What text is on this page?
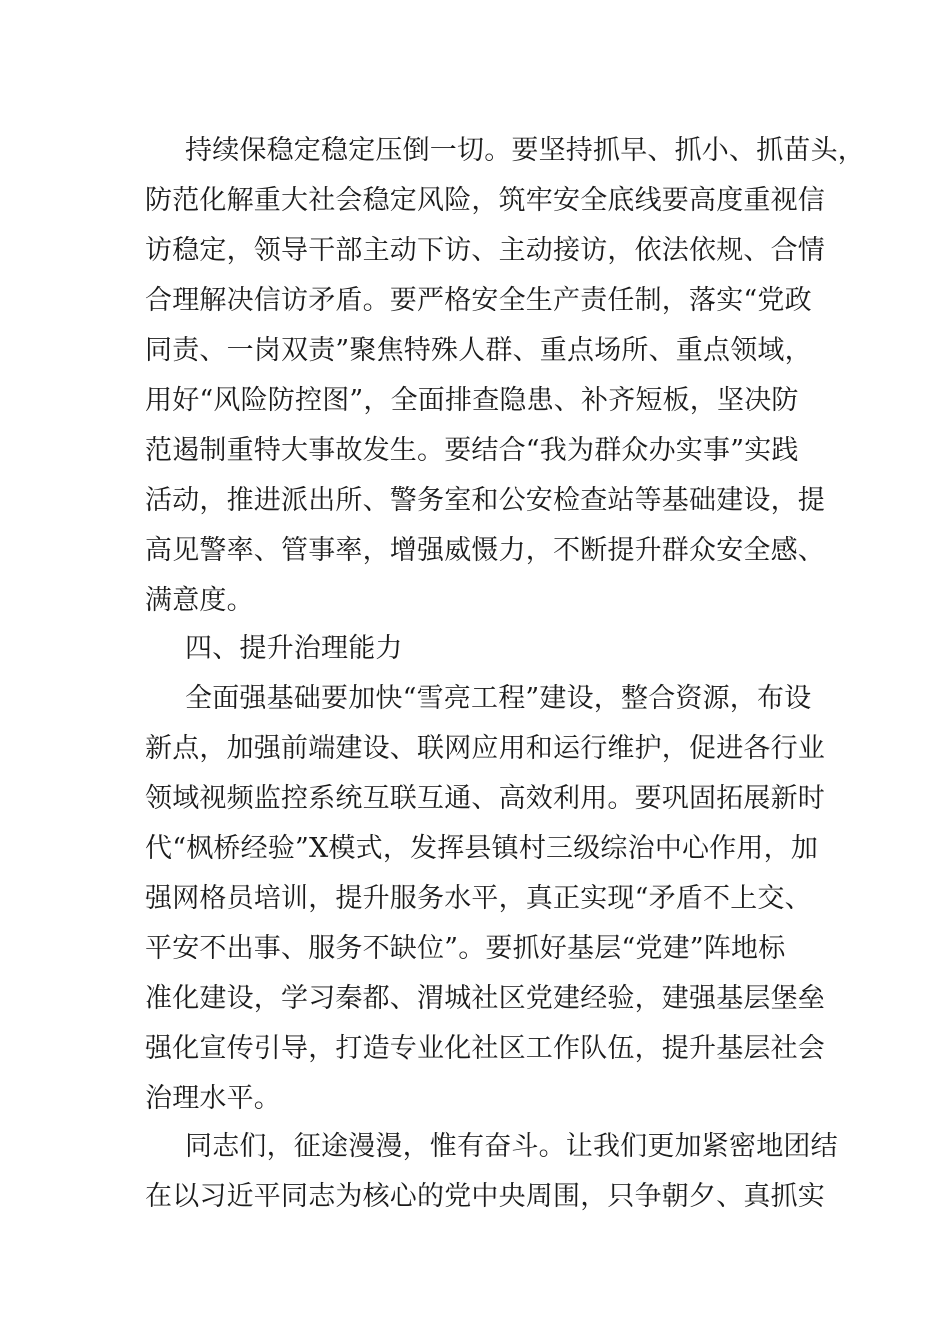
持续保稳定稳定压倒一切。要坚持抓早、抓小、抓苗头，
防范化解重大社会稳定风险，筑牢安全底线要高度重视信
访稳定，领导干部主动下访、主动接访，依法依规、合情
合理解决信访矛盾。要严格安全生产责任制，落实“党政
同责、一岗双责”聚焦特殊人群、重点场所、重点领域，
用好“风险防控图”，全面排查隐患、补齐短板，坚决防
范遏制重特大事故发生。要结合“我为群众办实事”实践
活动，推进派出所、警务室和公安检查站等基础建设，提
高见警率、管事率，增强威慑力，不断提升群众安全感、
满意度。
四、提升治理能力
全面强基础要加快“雪亮工程”建设，整合资源，布设
新点，加强前端建设、联网应用和运行维护，促进各行业
领域视频监控系统互联互通、高效利用。要巩固拓展新时
代“枫桥经验”X模式，发挥县镇村三级综治中心作用，加
强网格员培训，提升服务水平，真正实现“矛盾不上交、
平安不出事、服务不缺位”。要抓好基层“党建”阵地标
准化建设，学习秦都、渭城社区党建经验，建强基层堡垒
强化宣传引导，打造专业化社区工作队伍，提升基层社会
治理水平。
同志们，征途漫漫，惟有奋斗。让我们更加紧密地团结
在以习近平同志为核心的党中央周围，只争朝夕、真抓实
